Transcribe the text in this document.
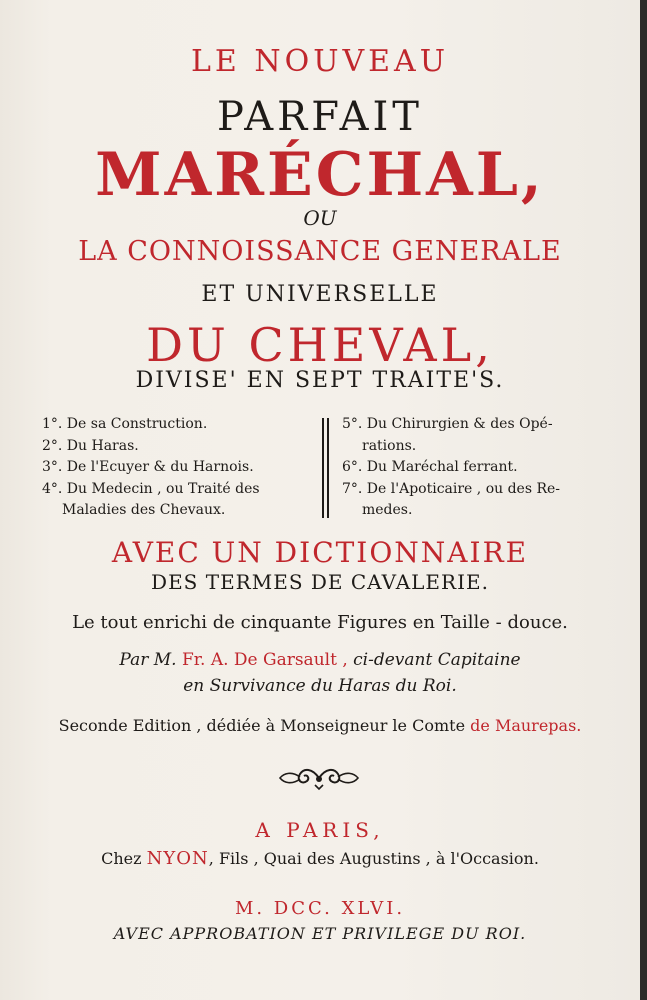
LE NOUVEAU
PARFAIT
MARÉCHAL,
OU
LA CONNOISSANCE GENERALE
ET UNIVERSELLE
DU CHEVAL,
DIVISE' EN SEPT TRAITE'S.
1°. De sa Construction.
2°. Du Haras.
3°. De l'Ecuyer & du Harnois.
4°. Du Medecin , ou Traité des
Maladies des Chevaux.
5°. Du Chirurgien & des Opé-
rations.
6°. Du Maréchal ferrant.
7°. De l'Apoticaire , ou des Re-
medes.
AVEC UN DICTIONNAIRE
DES TERMES DE CAVALERIE.
Le tout enrichi de cinquante Figures en Taille - douce.
Par M. Fr. A. De Garsault , ci-devant Capitaine
en Survivance du Haras du Roi.
Seconde Edition , dédiée à Monseigneur le Comte de Maurepas.
A PARIS,
Chez NYON, Fils , Quai des Augustins , à l'Occasion.
M. DCC. XLVI.
AVEC APPROBATION ET PRIVILEGE DU ROI.
